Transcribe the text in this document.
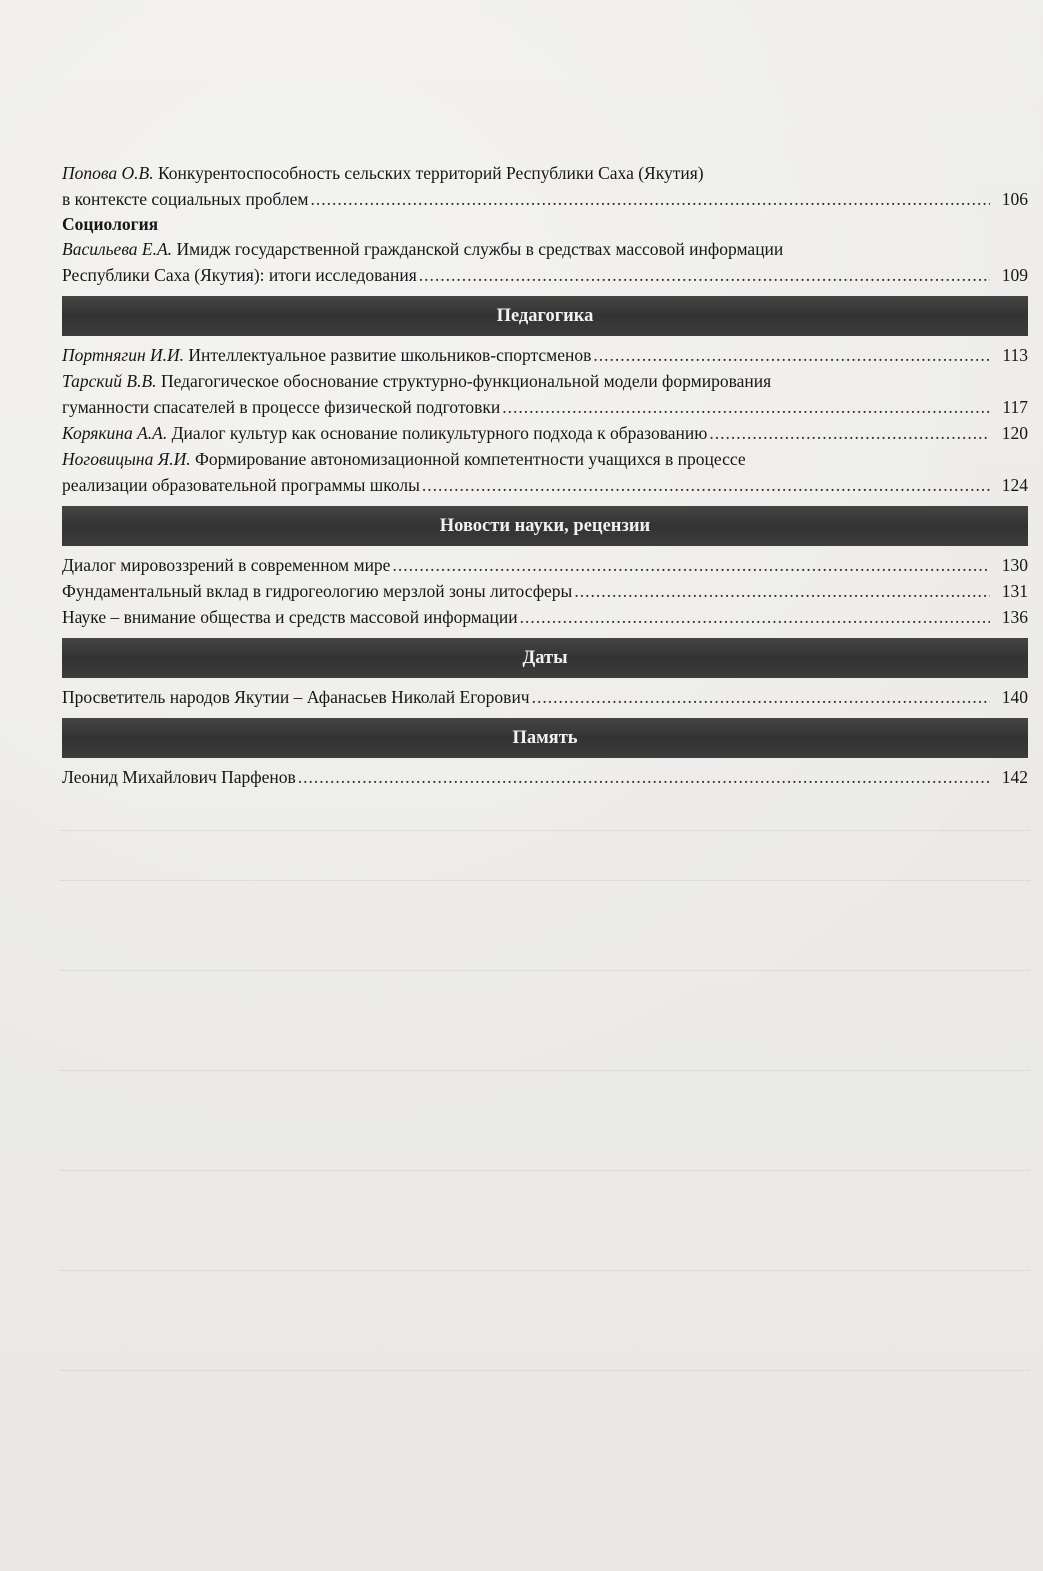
Попова О.В. Конкурентоспособность сельских территорий Республики Саха (Якутия)
в контексте социальных проблем .....	106
Социология
Васильева Е.А. Имидж государственной гражданской службы в средствах массовой информации
Республики Саха (Якутия): итоги исследования .....	109
Педагогика
Портнягин И.И. Интеллектуальное развитие школьников-спортсменов .....	113
Тарский В.В. Педагогическое обоснование структурно-функциональной модели формирования
гуманности спасателей в процессе физической подготовки .....	117
Корякина А.А. Диалог культур как основание поликультурного подхода к образованию .....	120
Ноговицына Я.И. Формирование автономизационной компетентности учащихся в процессе
реализации образовательной программы школы .....	124
Новости науки, рецензии
Диалог мировоззрений в современном мире .....	130
Фундаментальный вклад в гидрогеологию мерзлой зоны литосферы .....	131
Науке – внимание общества и средств массовой информации .....	136
Даты
Просветитель народов Якутии – Афанасьев Николай Егорович .....	140
Память
Леонид Михайлович Парфенов .....	142
